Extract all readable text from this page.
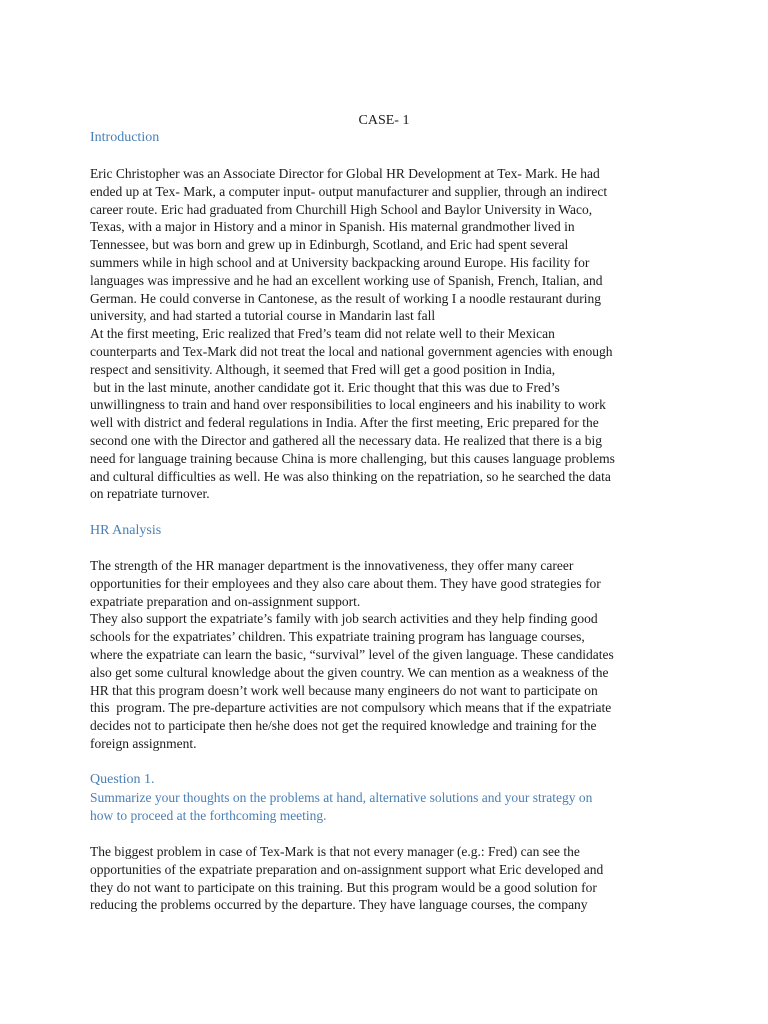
CASE- 1
Introduction
Eric Christopher was an Associate Director for Global HR Development at Tex- Mark. He had
ended up at Tex- Mark, a computer input- output manufacturer and supplier, through an indirect
career route. Eric had graduated from Churchill High School and Baylor University in Waco,
Texas, with a major in History and a minor in Spanish. His maternal grandmother lived in
Tennessee, but was born and grew up in Edinburgh, Scotland, and Eric had spent several
summers while in high school and at University backpacking around Europe. His facility for
languages was impressive and he had an excellent working use of Spanish, French, Italian, and
German. He could converse in Cantonese, as the result of working I a noodle restaurant during
university, and had started a tutorial course in Mandarin last fall
At the first meeting, Eric realized that Fred’s team did not relate well to their Mexican
counterparts and Tex-Mark did not treat the local and national government agencies with enough
respect and sensitivity. Although, it seemed that Fred will get a good position in India,
but in the last minute, another candidate got it. Eric thought that this was due to Fred’s
unwillingness to train and hand over responsibilities to local engineers and his inability to work
well with district and federal regulations in India. After the first meeting, Eric prepared for the
second one with the Director and gathered all the necessary data. He realized that there is a big
need for language training because China is more challenging, but this causes language problems
and cultural difficulties as well. He was also thinking on the repatriation, so he searched the data
on repatriate turnover.
HR Analysis
The strength of the HR manager department is the innovativeness, they offer many career
opportunities for their employees and they also care about them. They have good strategies for
expatriate preparation and on-assignment support.
They also support the expatriate’s family with job search activities and they help finding good
schools for the expatriates’ children. This expatriate training program has language courses,
where the expatriate can learn the basic, “survival” level of the given language. These candidates
also get some cultural knowledge about the given country. We can mention as a weakness of the
HR that this program doesn’t work well because many engineers do not want to participate on
this  program. The pre-departure activities are not compulsory which means that if the expatriate
decides not to participate then he/she does not get the required knowledge and training for the
foreign assignment.
Question 1.
Summarize your thoughts on the problems at hand, alternative solutions and your strategy on
how to proceed at the forthcoming meeting.
The biggest problem in case of Tex-Mark is that not every manager (e.g.: Fred) can see the
opportunities of the expatriate preparation and on-assignment support what Eric developed and
they do not want to participate on this training. But this program would be a good solution for
reducing the problems occurred by the departure. They have language courses, the company
